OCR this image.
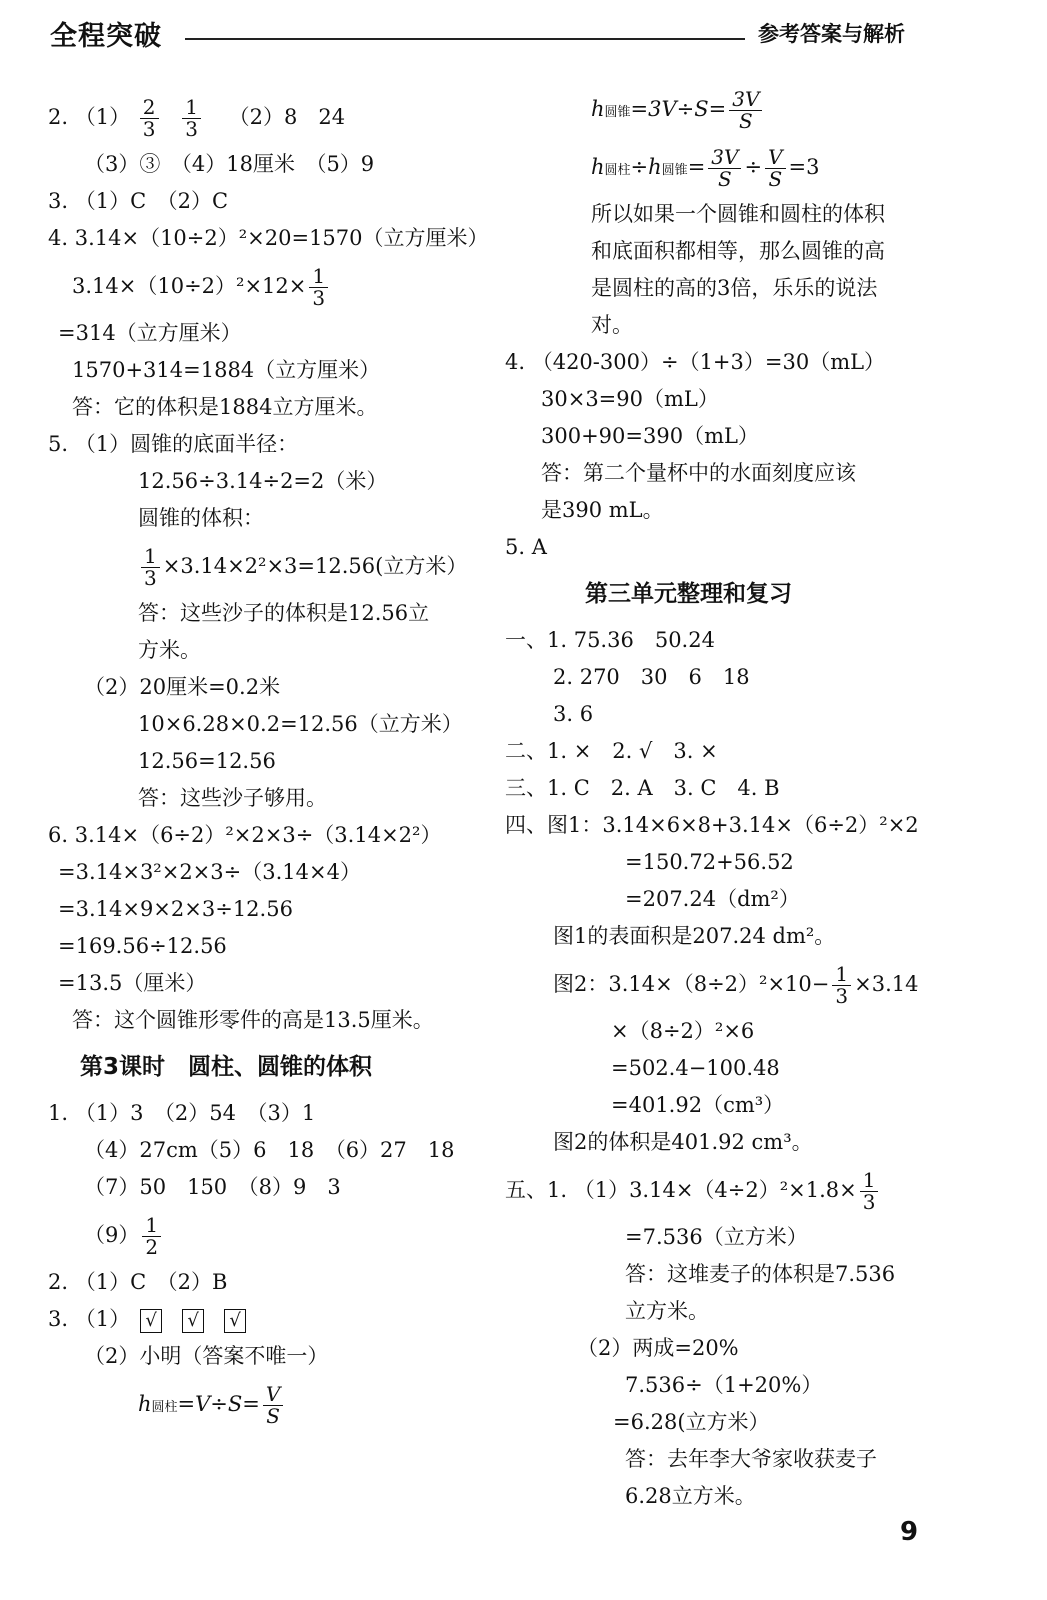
全程突破	参考答案与解析
2. $(1) \frac{2}{3}$
$\frac{1}{3} (2)8$　24
（3）③　（4）18厘米　（5）9
3. （1）C　（2）C
4. 3.14×（10÷2）²×20=1570（立方厘米）
$3.14\times(10\div 2)^2\times 12\times \frac{1}{3}$
=314（立方厘米）
1570+314=1884（立方厘米）
答：它的体积是1884立方厘米。
5. （1）圆锥的底面半径：
12.56÷3.14÷2=2（米）
圆锥的体积：
$\frac{1}{3} \times 3.14\times 2^2\times 3=12.56$(立方米）
答：这些沙子的体积是12.56立
方米。
（2）20厘米=0.2米
10×6.28×0.2=12.56（立方米）
12.56=12.56
答：这些沙子够用。
6. 3.14×（6÷2）²×2×3÷（3.14×2²）
=3.14×3²×2×3÷（3.14×4）
=3.14×9×2×3÷12.56
=169.56÷12.56
=13.5（厘米）
答：这个圆锥形零件的高是13.5厘米。
第3课时　圆柱、圆锥的体积
1. （1）3　（2）54　（3）1
（4）27cm（5）6　18　（6）27　18
（7）50　150　（8）9　3
$(9) \frac{1}{2}$
2. （1）C　（2）B
3. （1） √ √ √
（2）小明（答案不唯一）
h圆柱$=V\div S= \frac{V}{S}$
h圆锥$=3V\div S= \frac{3V}{S}$
h圆柱÷h圆锥= $\frac{3V}{S} \div \frac{V}{S} =3$
所以如果一个圆锥和圆柱的体积
和底面积都相等，那么圆锥的高
是圆柱的高的3倍，乐乐的说法
对。
4. （420-300）÷（1+3）=30（mL）
30×3=90（mL）
300+90=390（mL）
答：第二个量杯中的水面刻度应该
是390 mL。
5. A
第三单元整理和复习
一、1. 75.36　50.24
2. 270　30　6　18
3. 6
二、1. ×　2. √　3. ×
三、1. C　2. A　3. C　4. B
四、图1：3.14×6×8+3.14×（6÷2）²×2
=150.72+56.52
=207.24（dm²）
图1的表面积是207.24 dm²。
图2：$3.14\times(8\div 2)^2\times 10- \frac{1}{3} \times 3.14$
×（8÷2）²×6
=502.4−100.48
=401.92（cm³）
图2的体积是401.92 cm³。
五、1. $(1)3.14\times(4\div 2)^2\times 1.8\times \frac{1}{3}$
=7.536（立方米）
答：这堆麦子的体积是7.536
立方米。
（2）两成=20%
7.536÷（1+20%）
=6.28(立方米）
答：去年李大爷家收获麦子
6.28立方米。
9
